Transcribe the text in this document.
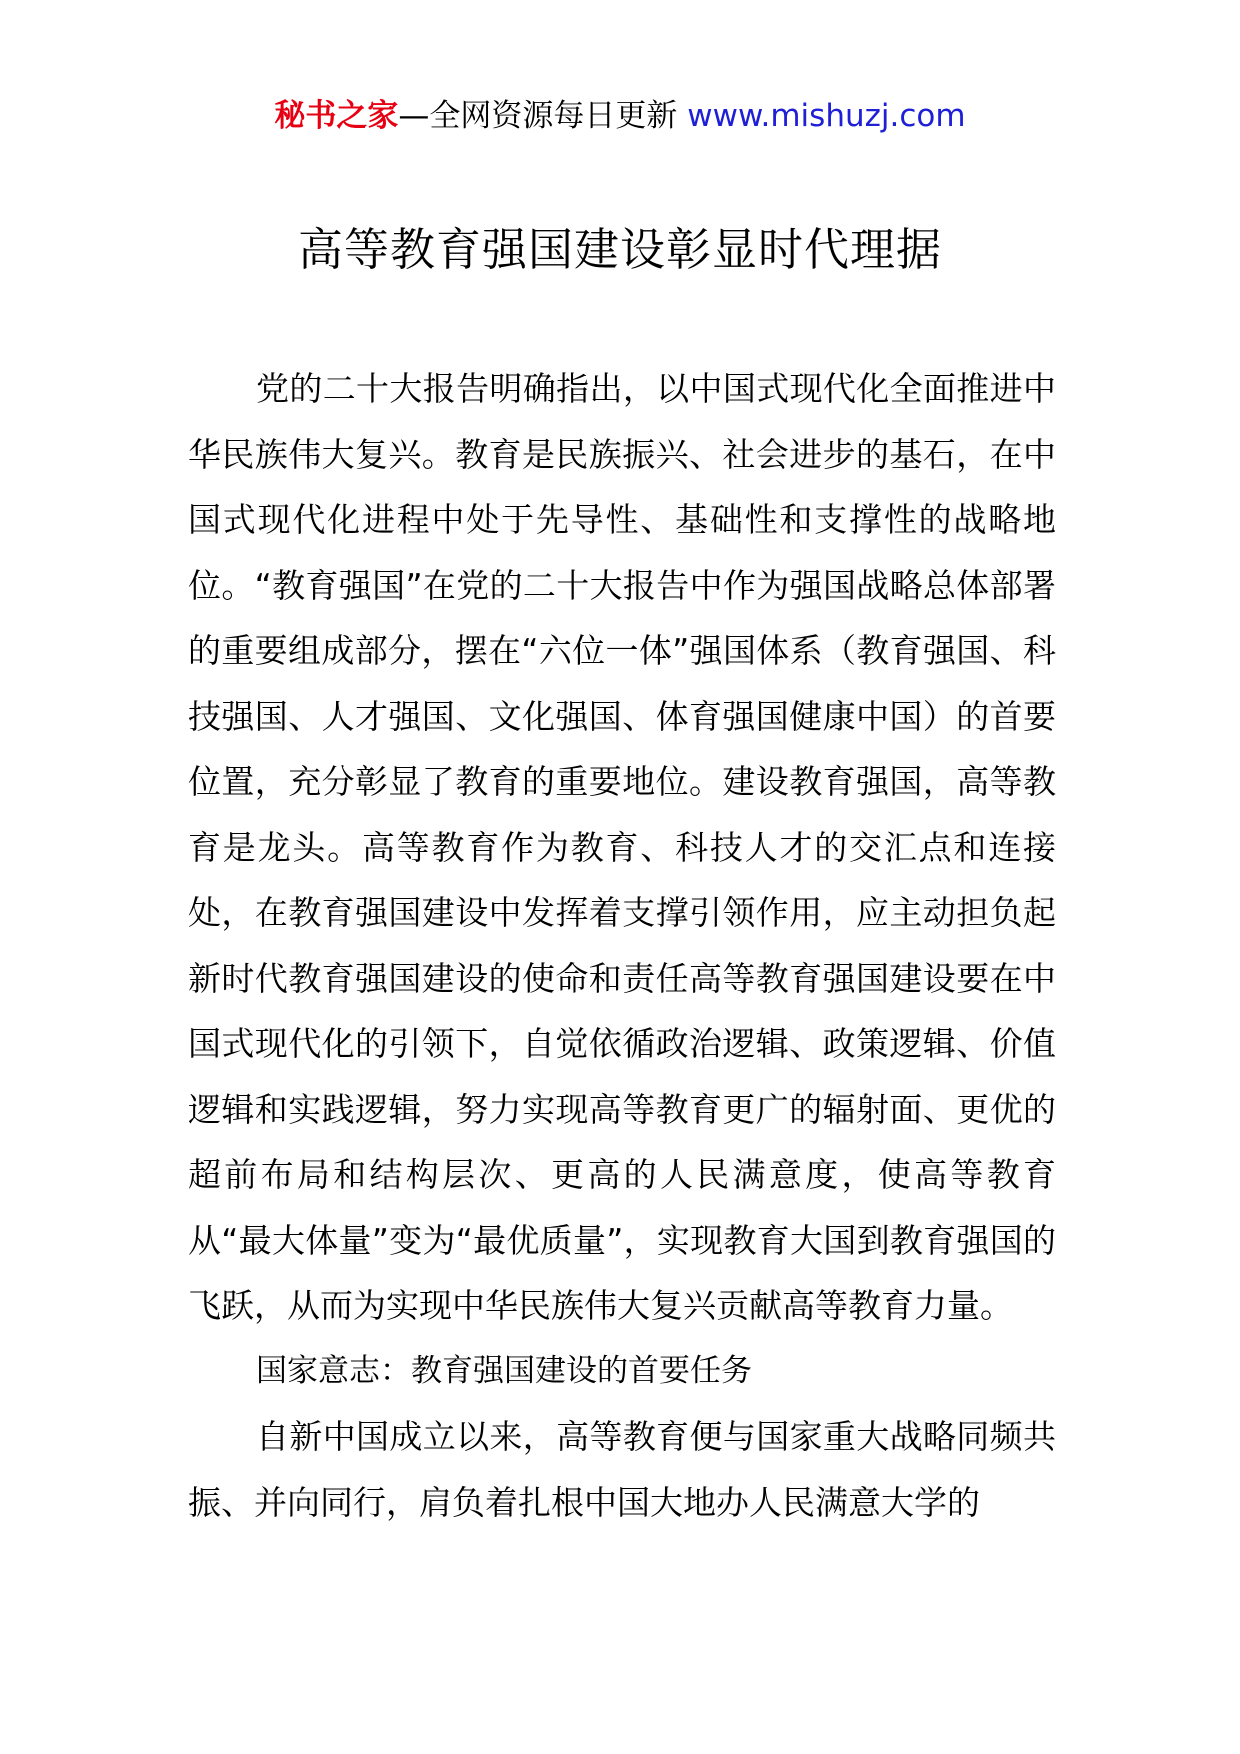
秘书之家—全网资源每日更新 www.mishuzj.com
高等教育强国建设彰显时代理据

党的二十大报告明确指出，以中国式现代化全面推进中华民族伟大复兴。教育是民族振兴、社会进步的基石，在中国式现代化进程中处于先导性、基础性和支撑性的战略地位。“教育强国”在党的二十大报告中作为强国战略总体部署的重要组成部分，摆在“六位一体”强国体系（教育强国、科技强国、人才强国、文化强国、体育强国健康中国）的首要位置，充分彰显了教育的重要地位。建设教育强国，高等教育是龙头。高等教育作为教育、科技人才的交汇点和连接处，在教育强国建设中发挥着支撑引领作用，应主动担负起新时代教育强国建设的使命和责任高等教育强国建设要在中国式现代化的引领下，自觉依循政治逻辑、政策逻辑、价值逻辑和实践逻辑，努力实现高等教育更广的辐射面、更优的超前布局和结构层次、更高的人民满意度，使高等教育从“最大体量”变为“最优质量”，实现教育大国到教育强国的飞跃，从而为实现中华民族伟大复兴贡献高等教育力量。

国家意志：教育强国建设的首要任务

自新中国成立以来，高等教育便与国家重大战略同频共振、并向同行，肩负着扎根中国大地办人民满意大学的
